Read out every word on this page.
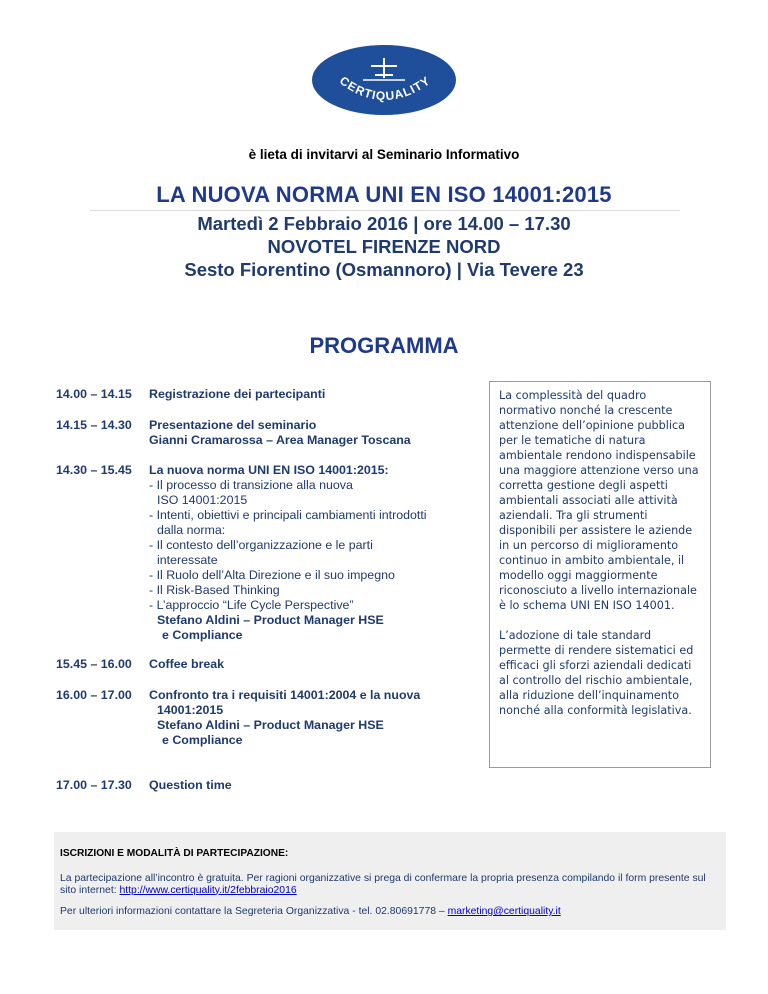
CERTIQUALITY
è lieta di invitarvi al Seminario Informativo
LA NUOVA NORMA UNI EN ISO 14001:2015
Martedì 2 Febbraio 2016 | ore 14.00 – 17.30
NOVOTEL FIRENZE NORD
Sesto Fiorentino (Osmannoro) | Via Tevere 23
PROGRAMMA
14.00 – 14.15 Registrazione dei partecipanti
14.15 – 14.30 Presentazione del seminario
Gianni Cramarossa – Area Manager Toscana
14.30 – 15.45 La nuova norma UNI EN ISO 14001:2015:
- Il processo di transizione alla nuova
ISO 14001:2015
- Intenti, obiettivi e principali cambiamenti introdotti
dalla norma:
- Il contesto dell’organizzazione e le parti
interessate
- Il Ruolo dell’Alta Direzione e il suo impegno
- Il Risk-Based Thinking
- L’approccio “Life Cycle Perspective”
Stefano Aldini – Product Manager HSE
e Compliance
15.45 – 16.00 Coffee break
16.00 – 17.00 Confronto tra i requisiti 14001:2004 e la nuova
14001:2015
Stefano Aldini – Product Manager HSE
e Compliance
17.00 – 17.30 Question time

La complessità del quadro normativo nonché la crescente attenzione dell’opinione pubblica per le tematiche di natura ambientale rendono indispensabile una maggiore attenzione verso una corretta gestione degli aspetti ambientali associati alle attività aziendali. Tra gli strumenti disponibili per assistere le aziende in un percorso di miglioramento continuo in ambito ambientale, il modello oggi maggiormente riconosciuto a livello internazionale è lo schema UNI EN ISO 14001.

L’adozione di tale standard permette di rendere sistematici ed efficaci gli sforzi aziendali dedicati al controllo del rischio ambientale, alla riduzione dell’inquinamento nonché alla conformità legislativa.

ISCRIZIONI E MODALITÀ DI PARTECIPAZIONE:
La partecipazione all’incontro è gratuita. Per ragioni organizzative si prega di confermare la propria presenza compilando il form presente sul sito internet: http://www.certiquality.it/2febbraio2016
Per ulteriori informazioni contattare la Segreteria Organizzativa - tel. 02.80691778 – marketing@certiquality.it
